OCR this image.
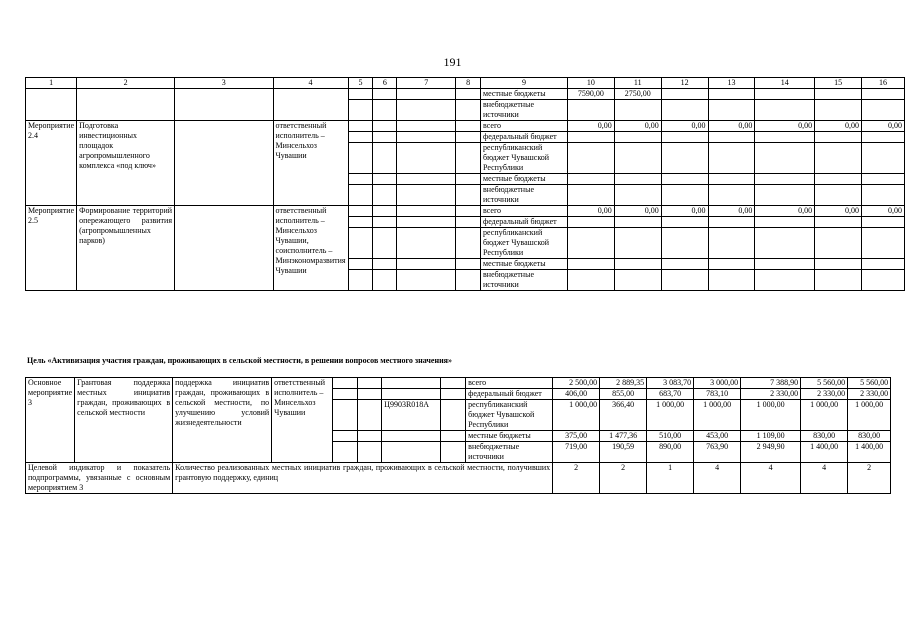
191
1	2	3	4	5	6	7	8	9	10	11	12	13	14	15	16
								местные бюджеты	7590,00	2750,00					
								внебюджетные источники							
Мероприятие 2.4	Подготовка инвестиционных площадок агропромышленного комплекса «под ключ»		ответственный исполнитель – Минсельхоз Чувашии					всего	0,00	0,00	0,00	0,00	0,00	0,00	0,00
								федеральный бюджет							
								республиканский бюджет Чувашской Республики							
								местные бюджеты							
								внебюджетные источники							
Мероприятие 2.5	Формирование территорий опережающего развития (агропромышленных парков)		ответственный исполнитель – Минсельхоз Чувашии, соисполнитель – Минэкономразвития Чувашии					всего	0,00	0,00	0,00	0,00	0,00	0,00	0,00
								федеральный бюджет							
								республиканский бюджет Чувашской Республики							
								местные бюджеты							
								внебюджетные источники							
Цель «Активизация участия граждан, проживающих в сельской местности, в решении вопросов местного значения»
Основное мероприятие 3	Грантовая поддержка местных инициатив граждан, проживающих в сельской местности	поддержка инициатив граждан, проживающих в сельской местности, по улучшению условий жизнедеятельности	ответственный исполнитель – Минсельхоз Чувашии					всего	2 500,00	2 889,35	3 083,70	3 000,00	7 388,90	5 560,00	5 560,00
								федеральный бюджет	406,00	855,00	683,70	783,10	2 330,00	2 330,00	2 330,00
						Ц9903R018А		республиканский бюджет Чувашской Республики	1 000,00	366,40	1 000,00	1 000,00	1 000,00	1 000,00	1 000,00
								местные бюджеты	375,00	1 477,36	510,00	453,00	1 109,00	830,00	830,00
								внебюджетные источники	719,00	190,59	890,00	763,90	2 949,90	1 400,00	1 400,00
Целевой индикатор и показатель подпрограммы, увязанные с основным мероприятием 3		Количество реализованных местных инициатив граждан, проживающих в сельской местности, получивших грантовую поддержку, единиц							2	2	1	4	4	4	2
